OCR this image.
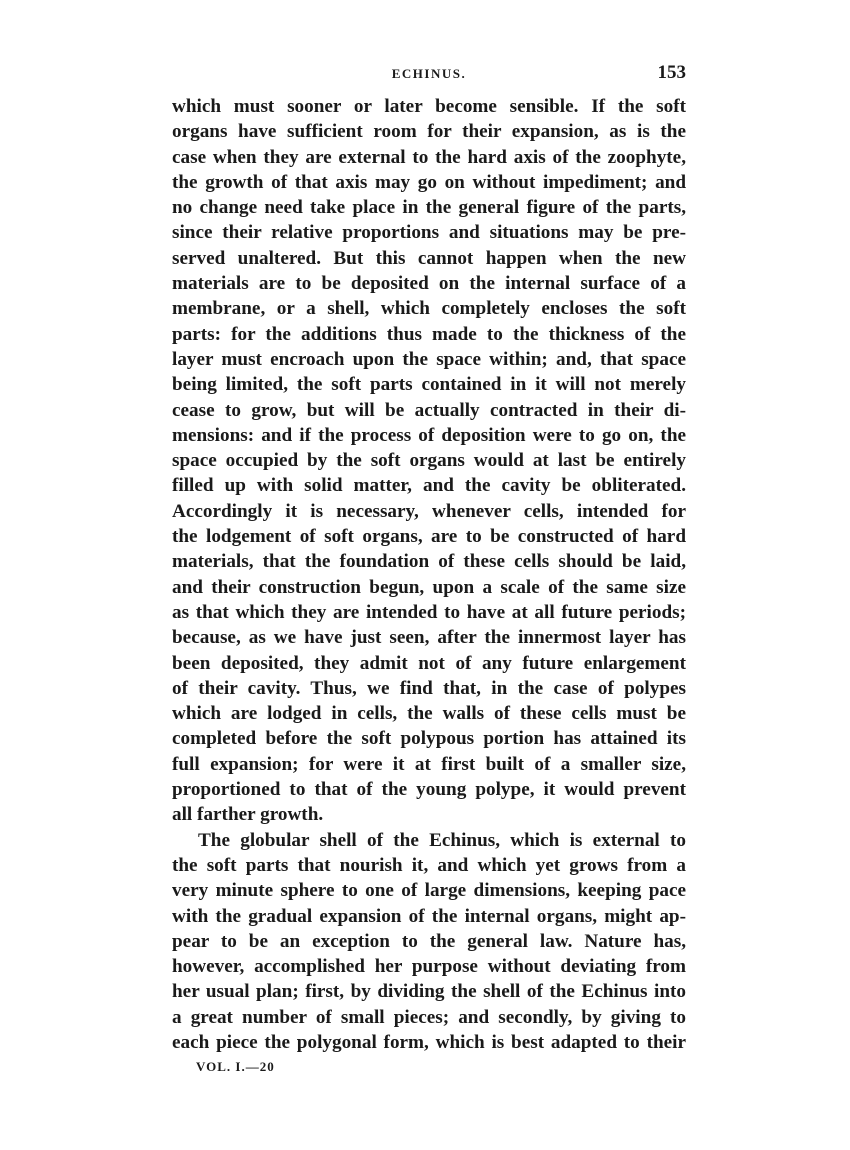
ECHINUS.	153
which must sooner or later become sensible. If the soft
organs have sufficient room for their expansion, as is the
case when they are external to the hard axis of the zoophyte,
the growth of that axis may go on without impediment; and
no change need take place in the general figure of the parts,
since their relative proportions and situations may be pre-
served unaltered. But this cannot happen when the new
materials are to be deposited on the internal surface of a
membrane, or a shell, which completely encloses the soft
parts: for the additions thus made to the thickness of the
layer must encroach upon the space within; and, that space
being limited, the soft parts contained in it will not merely
cease to grow, but will be actually contracted in their di-
mensions: and if the process of deposition were to go on, the
space occupied by the soft organs would at last be entirely
filled up with solid matter, and the cavity be obliterated.
Accordingly it is necessary, whenever cells, intended for
the lodgement of soft organs, are to be constructed of hard
materials, that the foundation of these cells should be laid,
and their construction begun, upon a scale of the same size
as that which they are intended to have at all future periods;
because, as we have just seen, after the innermost layer has
been deposited, they admit not of any future enlargement
of their cavity. Thus, we find that, in the case of polypes
which are lodged in cells, the walls of these cells must be
completed before the soft polypous portion has attained its
full expansion; for were it at first built of a smaller size,
proportioned to that of the young polype, it would prevent
all farther growth.
The globular shell of the Echinus, which is external to
the soft parts that nourish it, and which yet grows from a
very minute sphere to one of large dimensions, keeping pace
with the gradual expansion of the internal organs, might ap-
pear to be an exception to the general law. Nature has,
however, accomplished her purpose without deviating from
her usual plan; first, by dividing the shell of the Echinus into
a great number of small pieces; and secondly, by giving to
each piece the polygonal form, which is best adapted to their
VOL. I.—20
